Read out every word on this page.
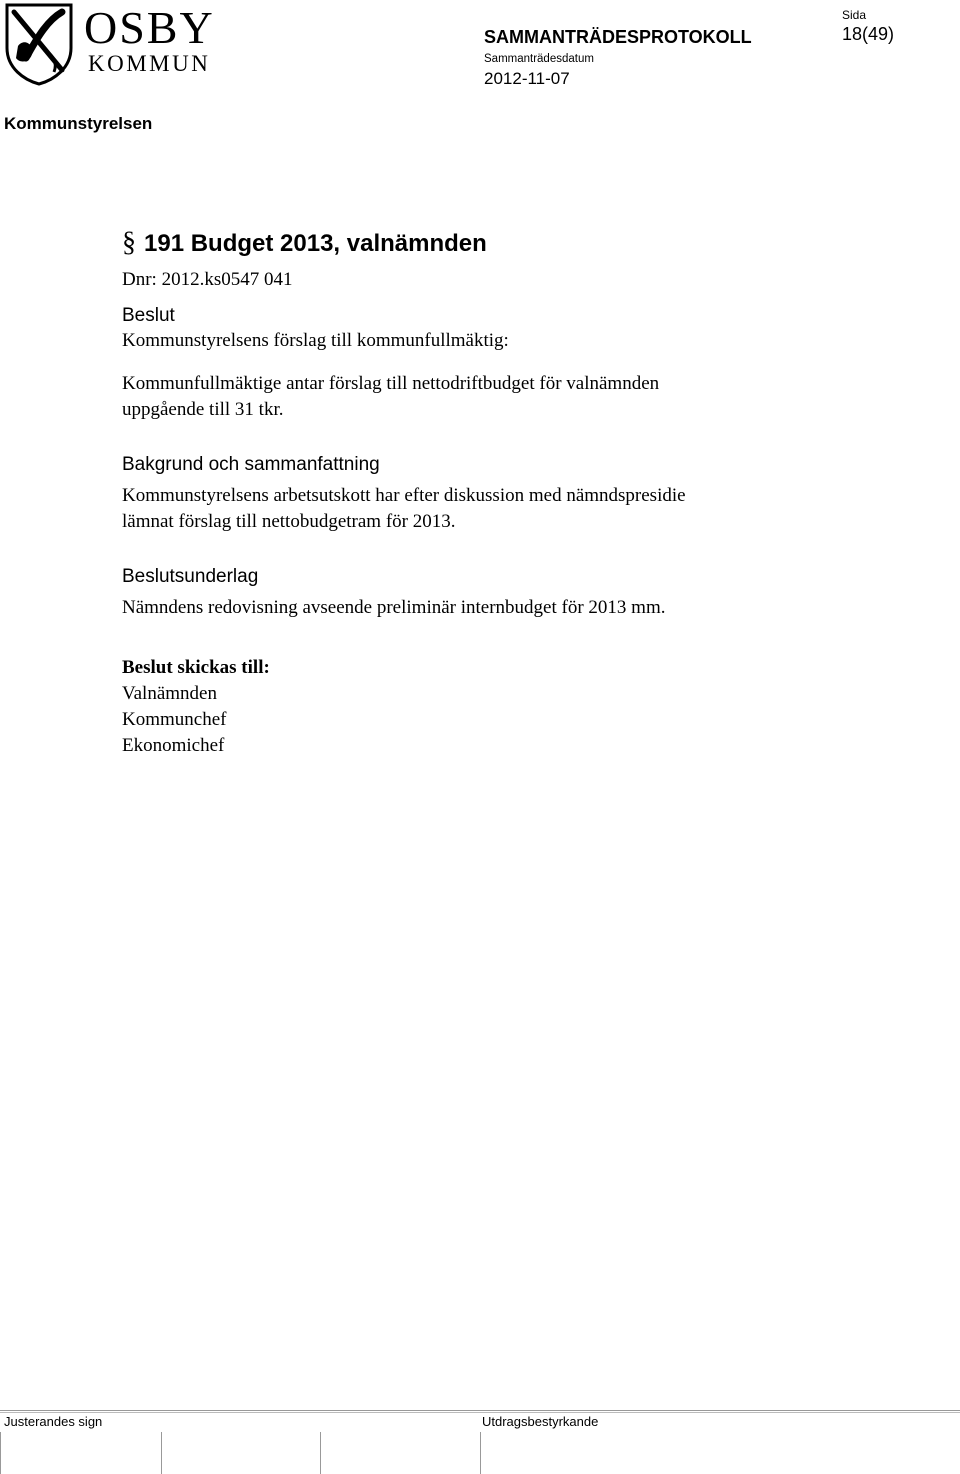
OSBY
KOMMUN
SAMMANTRÄDESPROTOKOLL
Sammanträdesdatum
2012-11-07
Sida
18(49)
Kommunstyrelsen
§ 191 Budget 2013, valnämnden
Dnr: 2012.ks0547 041
Beslut

Kommunstyrelsens förslag till kommunfullmäktig:

Kommunfullmäktige antar förslag till nettodriftbudget för valnämnden

uppgående till 31 tkr.

Bakgrund och sammanfattning

Kommunstyrelsens arbetsutskott har efter diskussion med nämndspresidie

lämnat förslag till nettobudgetram för 2013.

Beslutsunderlag

Nämndens redovisning avseende preliminär internbudget för 2013 mm.

Beslut skickas till:

Valnämnden

Kommunchef

Ekonomichef

Justerandes sign	Utdragsbestyrkande
